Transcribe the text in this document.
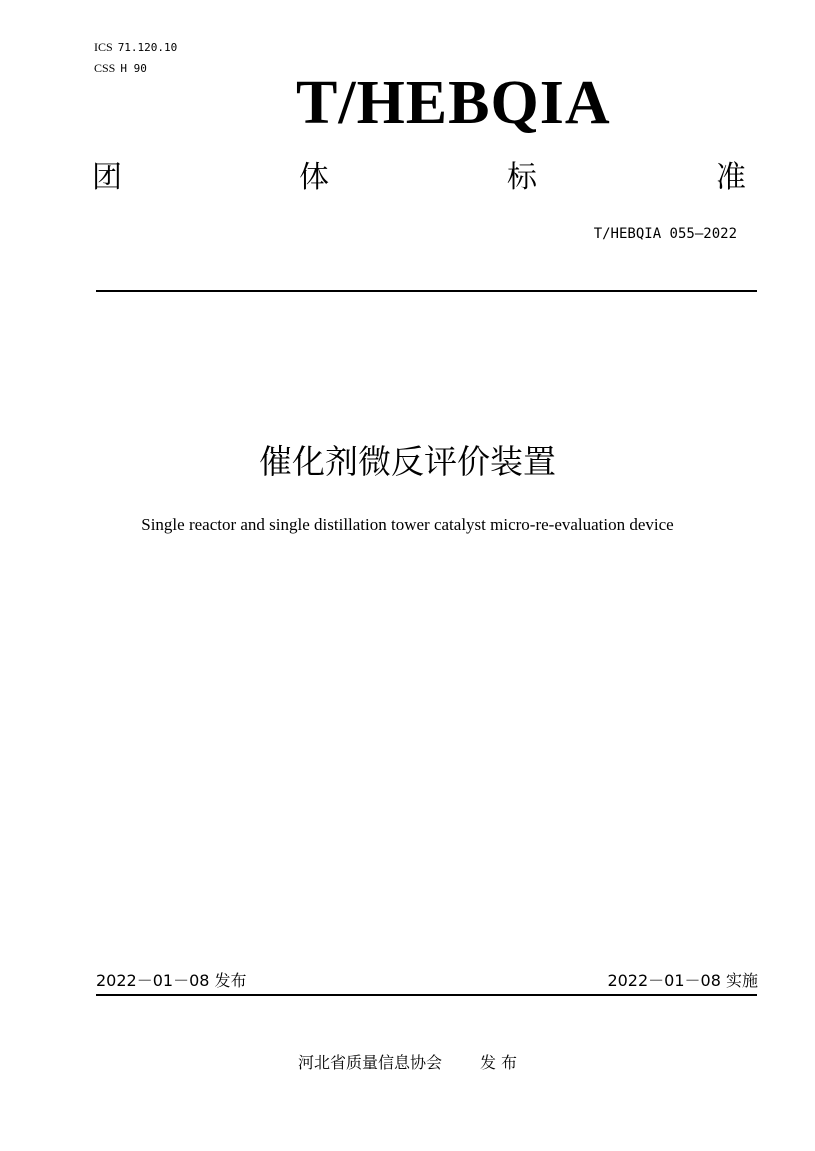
ICS 71.120.10
CSS H 90
T/HEBQIA
团	体	标	准
T/HEBQIA 055—2022
催化剂微反评价装置
Single reactor and single distillation tower catalyst micro-re-evaluation device
2022－01－08 发布	2022－01－08 实施
河北省质量信息协会 发 布
